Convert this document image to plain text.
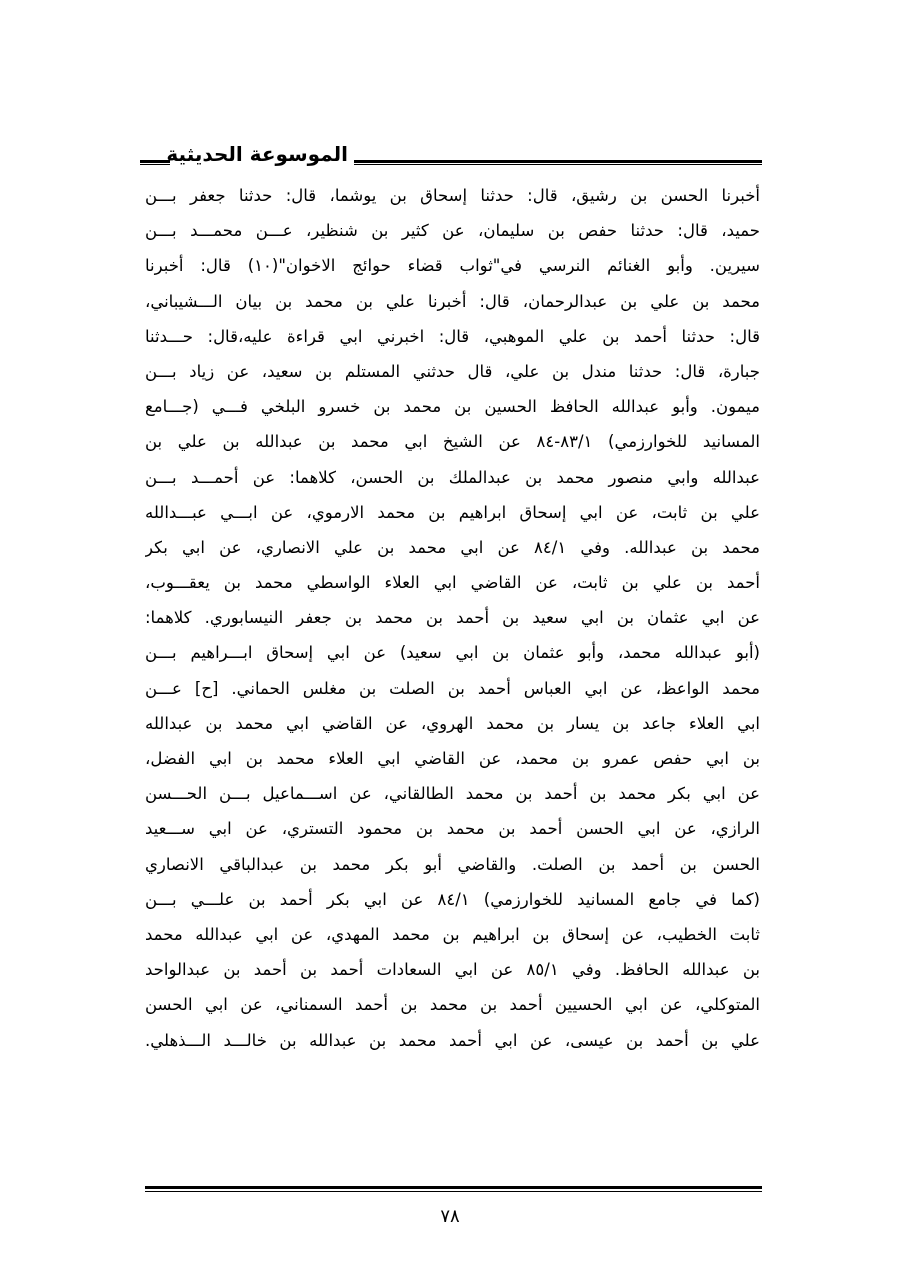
الموسوعة الحديثية
أخبرنا الحسن بن رشيق، قال: حدثنا إسحاق بن يوشما، قال: حدثنا جعفر بـــن
حميد، قال: حدثنا حفص بن سليمان، عن كثير بن شنظير، عـــن محمـــد بـــن
سيرين. وأبو الغنائم النرسي في"ثواب قضاء حوائج الاخوان"(١٠) قال: أخبرنا
محمد بن علي بن عبدالرحمان، قال: أخبرنا علي بن محمد بن بيان الـــشيباني،
قال: حدثنا أحمد بن علي الموهبي، قال: اخبرني ابي قراءة عليه،قال: حـــدثنا
جبارة، قال: حدثنا مندل بن علي، قال حدثني المستلم بن سعيد، عن زياد بـــن
ميمون. وأبو عبدالله الحافظ الحسين بن محمد بن خسرو البلخي فـــي (جـــامع
المسانيد للخوارزمي) ٨٣/١-٨٤ عن الشيخ ابي محمد بن عبدالله بن علي بن
عبدالله وابي منصور محمد بن عبدالملك بن الحسن، كلاهما: عن أحمـــد بـــن
علي بن ثابت، عن ابي إسحاق ابراهيم بن محمد الارموي، عن ابـــي عبـــدالله
محمد بن عبدالله. وفي ٨٤/١ عن ابي محمد بن علي الانصاري، عن ابي بكر
أحمد بن علي بن ثابت، عن القاضي ابي العلاء الواسطي محمد بن يعقـــوب،
عن ابي عثمان بن ابي سعيد بن أحمد بن محمد بن جعفر النيسابوري. كلاهما:
(أبو عبدالله محمد، وأبو عثمان بن ابي سعيد) عن ابي إسحاق ابـــراهيم بـــن
محمد الواعظ، عن ابي العباس أحمد بن الصلت بن مغلس الحماني. [ح] عـــن
ابي العلاء جاعد بن يسار بن محمد الهروي، عن القاضي ابي محمد بن عبدالله
بن ابي حفص عمرو بن محمد، عن القاضي ابي العلاء محمد بن ابي الفضل،
عن ابي بكر محمد بن أحمد بن محمد الطالقاني، عن اســـماعيل بـــن الحـــسن
الرازي، عن ابي الحسن أحمد بن محمد بن محمود التستري، عن ابي ســـعيد
الحسن بن أحمد بن الصلت. والقاضي أبو بكر محمد بن عبدالباقي الانصاري
(كما في جامع المسانيد للخوارزمي) ٨٤/١ عن ابي بكر أحمد بن علـــي بـــن
ثابت الخطيب، عن إسحاق بن ابراهيم بن محمد المهدي، عن ابي عبدالله محمد
بن عبدالله الحافظ. وفي ٨٥/١ عن ابي السعادات أحمد بن أحمد بن عبدالواحد
المتوكلي، عن ابي الحسيين أحمد بن محمد بن أحمد السمناني، عن ابي الحسن
علي بن أحمد بن عيسى، عن ابي أحمد محمد بن عبدالله بن خالـــد الـــذهلي.
٧٨
